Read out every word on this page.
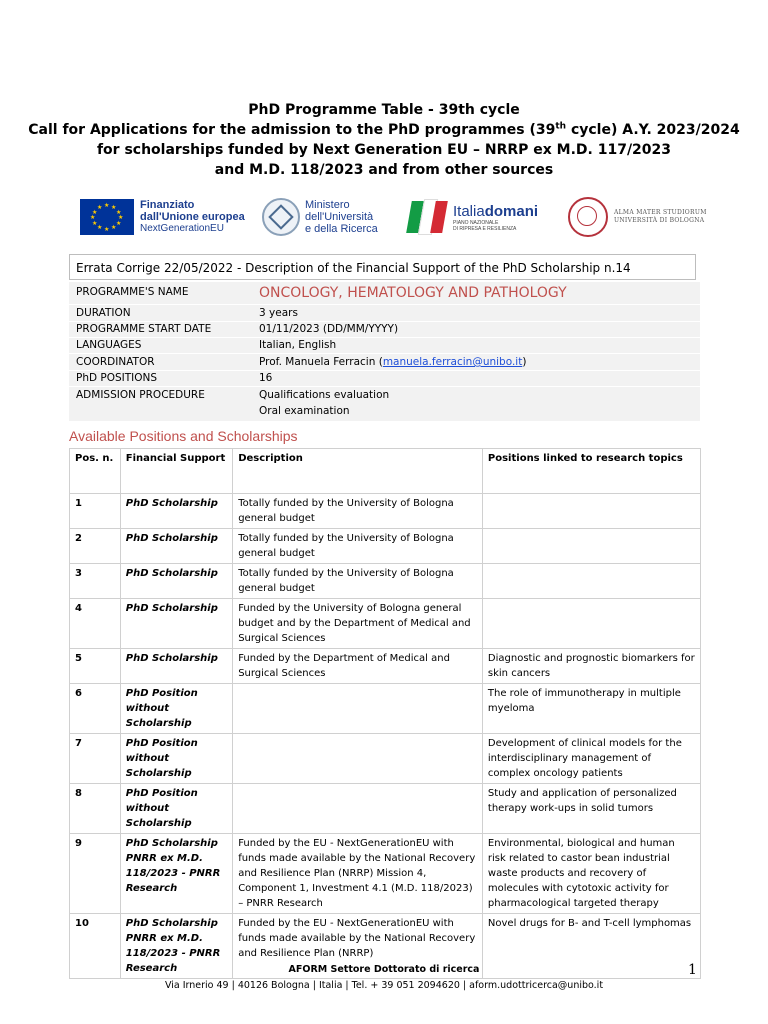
PhD Programme Table - 39th cycle
Call for Applications for the admission to the PhD programmes (39th cycle) A.Y. 2023/2024
for scholarships funded by Next Generation EU – NRRP ex M.D. 117/2023
and M.D. 118/2023 and from other sources
★ ★
★
★
★
★
★
★
★
★
★
★	Finanziato
dall'Unione europea
NextGenerationEU
Ministero
dell'Università
e della Ricerca
Italiadomani
PIANO NAZIONALE
DI RIPRESA E RESILIENZA
ALMA MATER STUDIORUM
UNIVERSITÀ DI BOLOGNA
Errata Corrige 22/05/2022 - Description of the Financial Support of the PhD Scholarship n.14
PROGRAMME'S NAME	ONCOLOGY, HEMATOLOGY AND PATHOLOGY
DURATION	3 years
PROGRAMME START DATE	01/11/2023 (DD/MM/YYYY)
LANGUAGES	Italian, English
COORDINATOR	Prof. Manuela Ferracin (manuela.ferracin@unibo.it)
PhD POSITIONS	16
ADMISSION PROCEDURE	Qualifications evaluation
Oral examination
Available Positions and Scholarships
Pos. n.	Financial Support	Description	Positions linked to research topics
1	PhD Scholarship	Totally funded by the University of Bologna general budget	
2	PhD Scholarship	Totally funded by the University of Bologna general budget	
3	PhD Scholarship	Totally funded by the University of Bologna general budget	
4	PhD Scholarship	Funded by the University of Bologna general budget and by the Department of Medical and Surgical Sciences	
5	PhD Scholarship	Funded by the Department of Medical and Surgical Sciences	Diagnostic and prognostic biomarkers for skin cancers
6	PhD Position without Scholarship		The role of immunotherapy in multiple myeloma
7	PhD Position without Scholarship		Development of clinical models for the interdisciplinary management of complex oncology patients
8	PhD Position without Scholarship		Study and application of personalized therapy work-ups in solid tumors
9	PhD Scholarship PNRR ex M.D. 118/2023 - PNRR Research	Funded by the EU - NextGenerationEU with funds made available by the National Recovery and Resilience Plan (NRRP) Mission 4, Component 1, Investment 4.1 (M.D. 118/2023) – PNRR Research	Environmental, biological and human risk related to castor bean industrial waste products and recovery of molecules with cytotoxic activity for pharmacological targeted therapy
10	PhD Scholarship PNRR ex M.D. 118/2023 - PNRR Research	Funded by the EU - NextGenerationEU with funds made available by the National Recovery and Resilience Plan (NRRP)	Novel drugs for B- and T-cell lymphomas
AFORM Settore Dottorato di ricerca
Via Irnerio 49 | 40126 Bologna | Italia | Tel. + 39 051 2094620 | aform.udottricerca@unibo.it
1
